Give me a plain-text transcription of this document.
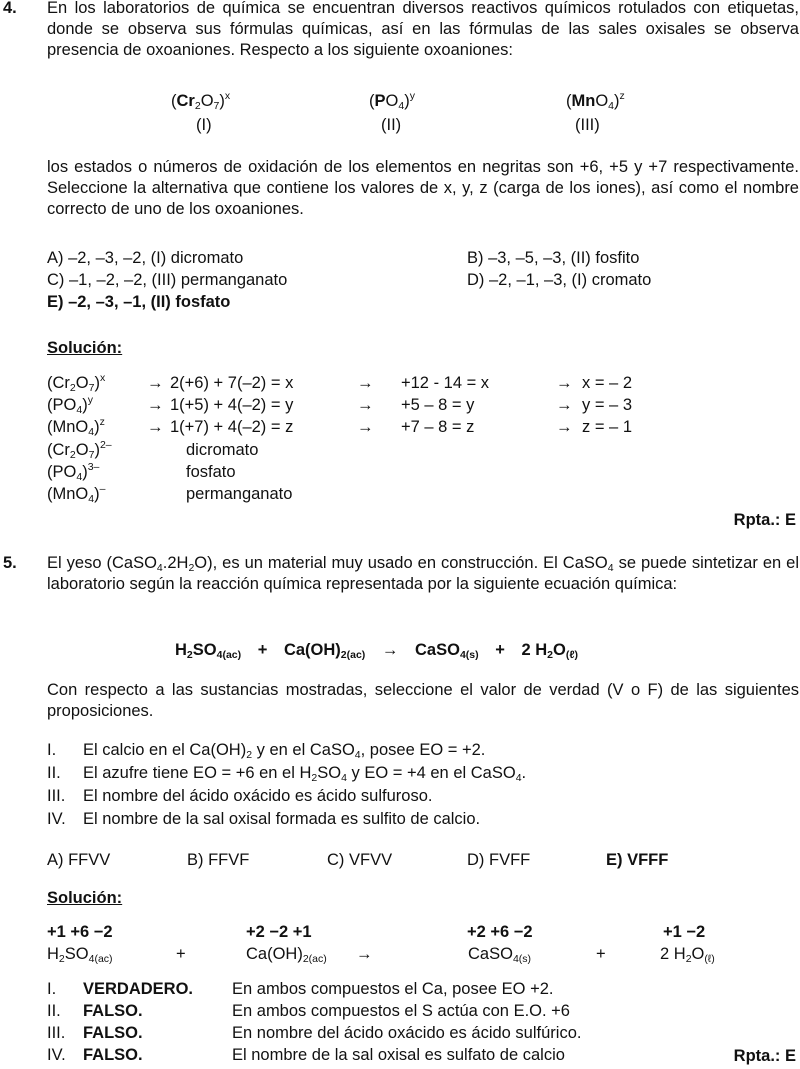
4. En los laboratorios de química se encuentran diversos reactivos químicos rotulados con etiquetas, donde se observa sus fórmulas químicas, así en las fórmulas de las sales oxisales se observa presencia de oxoaniones. Respecto a los siguiente oxoaniones:
$(Cr_2O_7)^x$
(I)
$(PO_4)^y$
(II)
$(MnO_4)^z$
(III)
los estados o números de oxidación de los elementos en negritas son +6, +5 y +7 respectivamente. Seleccione la alternativa que contiene los valores de x, y, z (carga de los iones), así como el nombre correcto de uno de los oxoaniones.
A) –2, –3, –2, (I) dicromato	B) –3, –5, –3, (II) fosfito
C) –1, –2, –2, (III) permanganato	D) –2, –1, –3, (I) cromato
E) –2, –3, –1, (II) fosfato
Solución:
$(Cr_2O_7)^x$	→ 2(+6) + 7(–2) = x	→ +12 - 14 = x	→ x = – 2
$(PO_4)^y$	→ 1(+5) + 4(–2) = y	→ +5 – 8 = y	→ y = – 3
$(MnO_4)^z$	→ 1(+7) + 4(–2) = z	→ +7 – 8 = z	→ z = – 1
$(Cr_2O_7)^{2-}$	dicromato
$(PO_4)^{3-}$	fosfato
(MnO$_4$)–	permanganato
Rpta.: E
5. El yeso $(CaSO_4.2H_2O)$, es un material muy usado en construcción. El CaSO$_4$ se puede sintetizar en el laboratorio según la reacción química representada por la siguiente ecuación química:
$H_2SO_{4(ac)} + Ca(OH)_{2(ac)}$ → CaSO$_{4(s)}$ + 2 $H_2O_{(\ell)}$
Con respecto a las sustancias mostradas, seleccione el valor de verdad (V o F) de las siguientes proposiciones.
I. El calcio en el $Ca(OH)_2$ y en el CaSO$_4$, posee EO = +2.
II. El azufre tiene EO = +6 en el $H_2SO_4$ y EO = +4 en el CaSO$_4$.
III. El nombre del ácido oxácido es ácido sulfuroso.
IV. El nombre de la sal oxisal formada es sulfito de calcio.
A) FFVV	B) FFVF	C) VFVV	D) FVFF	E) VFFF
Solución:
+1 +6 −2	+2 −2 +1	+2 +6 −2	+1 −2
$H_2SO_{4(ac)}$	+	$Ca(OH)_{2(ac)}$ →	CaSO$_{4(s)}$	+	2 $H_2O_{(\ell)}$
I. VERDADERO. En ambos compuestos el Ca, posee EO +2.
II. FALSO.	En ambos compuestos el S actúa con E.O. +6
III. FALSO.	En nombre del ácido oxácido es ácido sulfúrico.
IV. FALSO.	El nombre de la sal oxisal es sulfato de calcio	Rpta.: E
